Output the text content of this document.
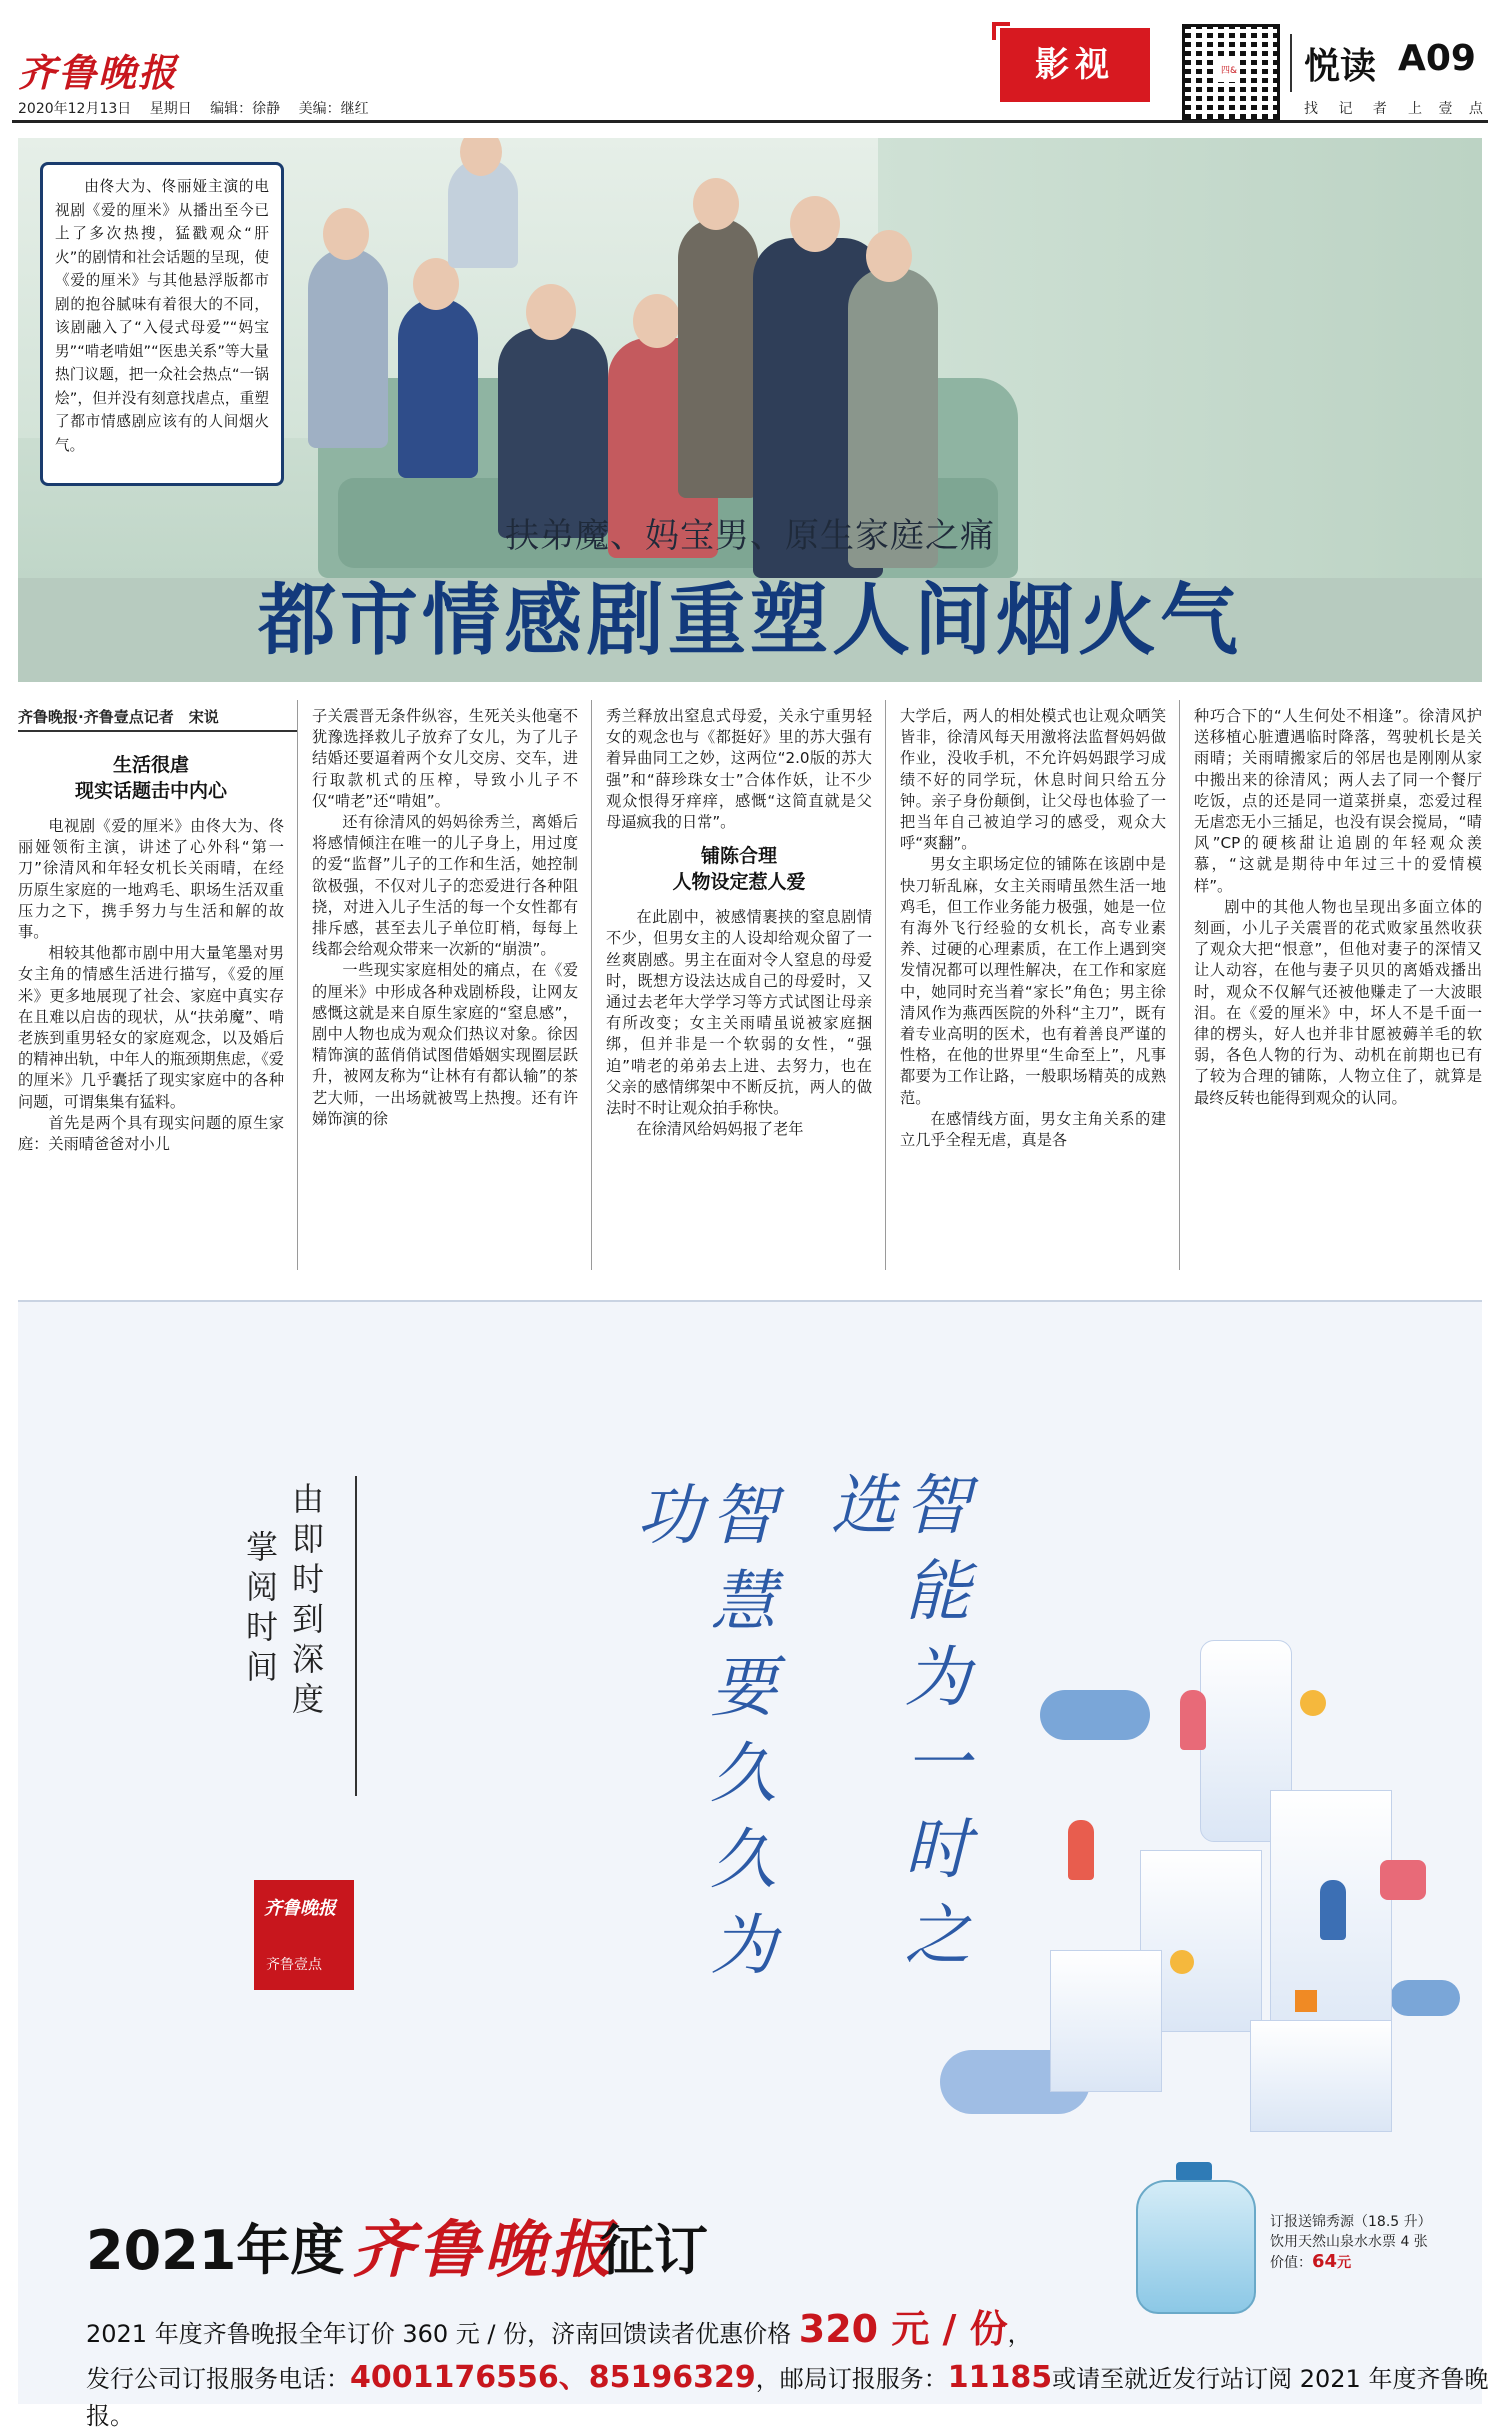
齐鲁晚报
2020年12月13日 星期日 编辑：徐静 美编：继红
影视	四& 悦读 A09
找 记 者 上 壹 点
由佟大为、佟丽娅主演的电视剧《爱的厘米》从播出至今已上了多次热搜，猛戳观众“肝火”的剧情和社会话题的呈现，使《爱的厘米》与其他悬浮版都市剧的抱谷腻味有着很大的不同，该剧融入了“入侵式母爱”“妈宝男”“啃老啃姐”“医患关系”等大量热门议题，把一众社会热点“一锅烩”，但并没有刻意找虐点，重塑了都市情感剧应该有的人间烟火气。
扶弟魔、妈宝男、原生家庭之痛
都市情感剧重塑人间烟火气
齐鲁晚报·齐鲁壹点记者　宋说
生活很虐
现实话题击中内心

电视剧《爱的厘米》由佟大为、佟丽娅领衔主演，讲述了心外科“第一刀”徐清风和年轻女机长关雨晴，在经历原生家庭的一地鸡毛、职场生活双重压力之下，携手努力与生活和解的故事。

相较其他都市剧中用大量笔墨对男女主角的情感生活进行描写，《爱的厘米》更多地展现了社会、家庭中真实存在且难以启齿的现状，从“扶弟魔”、啃老族到重男轻女的家庭观念，以及婚后的精神出轨，中年人的瓶颈期焦虑，《爱的厘米》几乎囊括了现实家庭中的各种问题，可谓集集有猛料。

首先是两个具有现实问题的原生家庭：关雨晴爸爸对小儿

子关震晋无条件纵容，生死关头他毫不犹豫选择救儿子放弃了女儿，为了儿子结婚还要逼着两个女儿交房、交车，进行取款机式的压榨，导致小儿子不仅“啃老”还“啃姐”。

还有徐清风的妈妈徐秀兰，离婚后将感情倾注在唯一的儿子身上，用过度的爱“监督”儿子的工作和生活，她控制欲极强，不仅对儿子的恋爱进行各种阻挠，对进入儿子生活的每一个女性都有排斥感，甚至去儿子单位盯梢，每每上线都会给观众带来一次新的“崩溃”。

一些现实家庭相处的痛点，在《爱的厘米》中形成各种戏剧桥段，让网友感慨这就是来自原生家庭的“窒息感”，剧中人物也成为观众们热议对象。徐因精饰演的蓝俏俏试图借婚姻实现圈层跃升，被网友称为“让林有有都认输”的茶艺大师，一出场就被骂上热搜。还有许娣饰演的徐

秀兰释放出窒息式母爱，关永宁重男轻女的观念也与《都挺好》里的苏大强有着异曲同工之妙，这两位“2.0版的苏大强”和“薛珍珠女士”合体作妖，让不少观众恨得牙痒痒，感慨“这简直就是父母逼疯我的日常”。

铺陈合理
人物设定惹人爱

在此剧中，被感情裹挟的窒息剧情不少，但男女主的人设却给观众留了一丝爽剧感。男主在面对令人窒息的母爱时，既想方设法达成自己的母爱时，又通过去老年大学学习等方式试图让母亲有所改变；女主关雨晴虽说被家庭捆绑，但并非是一个软弱的女性，“强迫”啃老的弟弟去上进、去努力，也在父亲的感情绑架中不断反抗，两人的做法时不时让观众拍手称快。

在徐清风给妈妈报了老年

大学后，两人的相处模式也让观众哂笑皆非，徐清风每天用激将法监督妈妈做作业，没收手机，不允许妈妈跟学习成绩不好的同学玩，休息时间只给五分钟。亲子身份颠倒，让父母也体验了一把当年自己被迫学习的感受，观众大呼“爽翻”。

男女主职场定位的铺陈在该剧中是快刀斩乱麻，女主关雨晴虽然生活一地鸡毛，但工作业务能力极强，她是一位有海外飞行经验的女机长，高专业素养、过硬的心理素质，在工作上遇到突发情况都可以理性解决，在工作和家庭中，她同时充当着“家长”角色；男主徐清风作为燕西医院的外科“主刀”，既有着专业高明的医术，也有着善良严谨的性格，在他的世界里“生命至上”，凡事都要为工作让路，一般职场精英的成熟范。

在感情线方面，男女主角关系的建立几乎全程无虐，真是各

种巧合下的“人生何处不相逢”。徐清风护送移植心脏遭遇临时降落，驾驶机长是关雨晴；关雨晴搬家后的邻居也是刚刚从家中搬出来的徐清风；两人去了同一个餐厅吃饭，点的还是同一道菜拼桌，恋爱过程无虐恋无小三插足，也没有误会搅局，“晴风”CP的硬核甜让追剧的年轻观众羡慕，“这就是期待中年过三十的爱情模样”。

剧中的其他人物也呈现出多面立体的刻画，小儿子关震晋的花式败家虽然收获了观众大把“恨意”，但他对妻子的深情又让人动容，在他与妻子贝贝的离婚戏播出时，观众不仅解气还被他赚走了一大波眼泪。在《爱的厘米》中，坏人不是千面一律的楞头，好人也并非甘愿被薅羊毛的软弱，各色人物的行为、动机在前期也已有了较为合理的铺陈，人物立住了，就算是最终反转也能得到观众的认同。

由即时到深度
掌阅时间
齐鲁晚报
齐鲁壹点	智能为一时之选
智慧要久久为功
2021年度 齐鲁晚报
征订	订报送锦秀源（18.5 升）
饮用天然山泉水水票 4 张
价值：64元
2021 年度齐鲁晚报全年订价 360 元 / 份，济南回馈读者优惠价格 320 元 / 份，
发行公司订报服务电话：4001176556、85196329，邮局订报服务：11185或请至就近发行站订阅 2021 年度齐鲁晚报。
